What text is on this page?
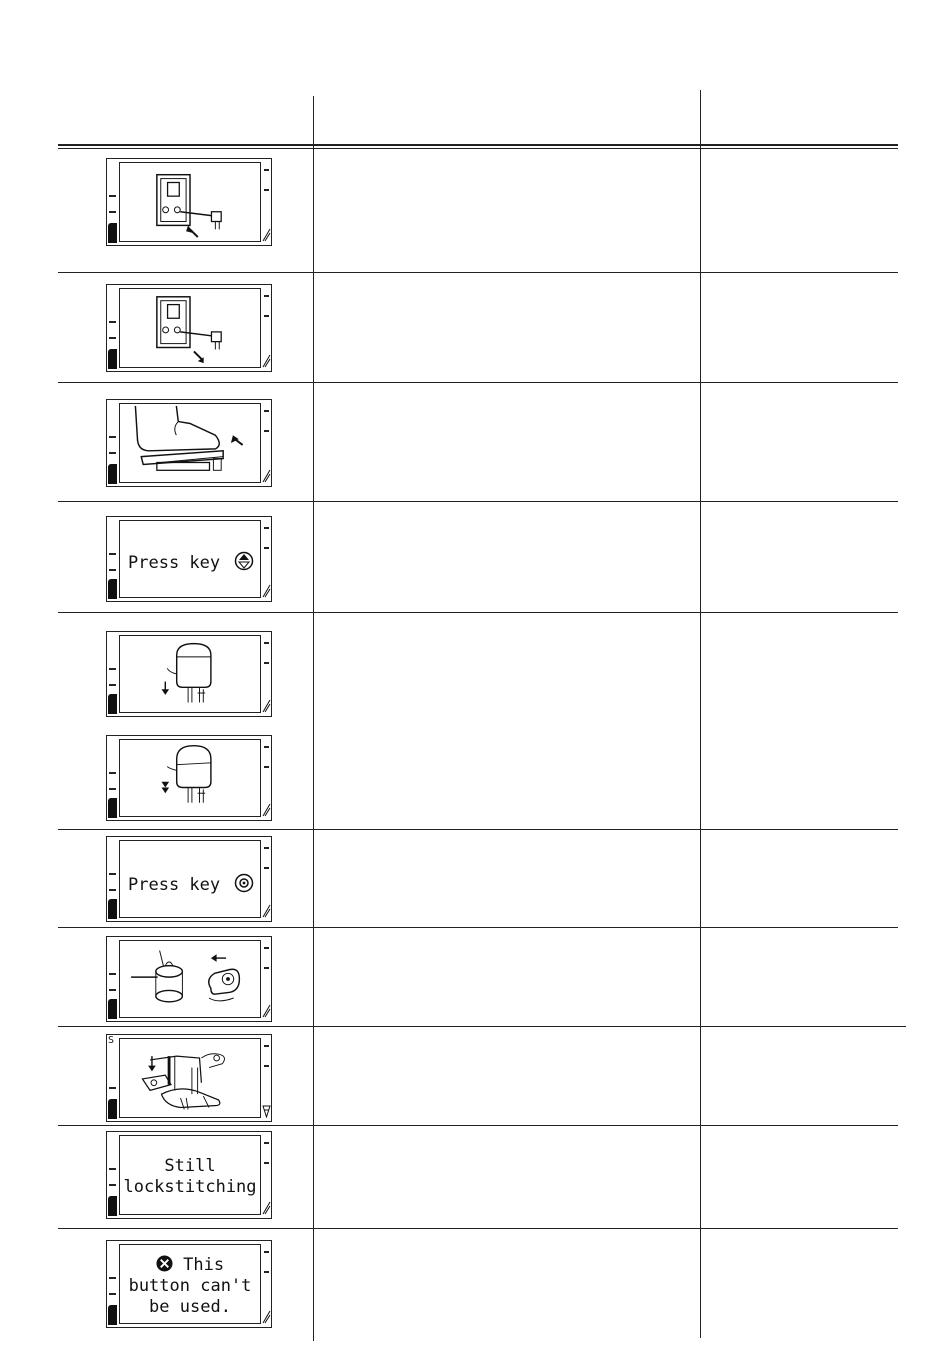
Press key
Press key
S
Still
lockstitching
This
button can't
be used.
